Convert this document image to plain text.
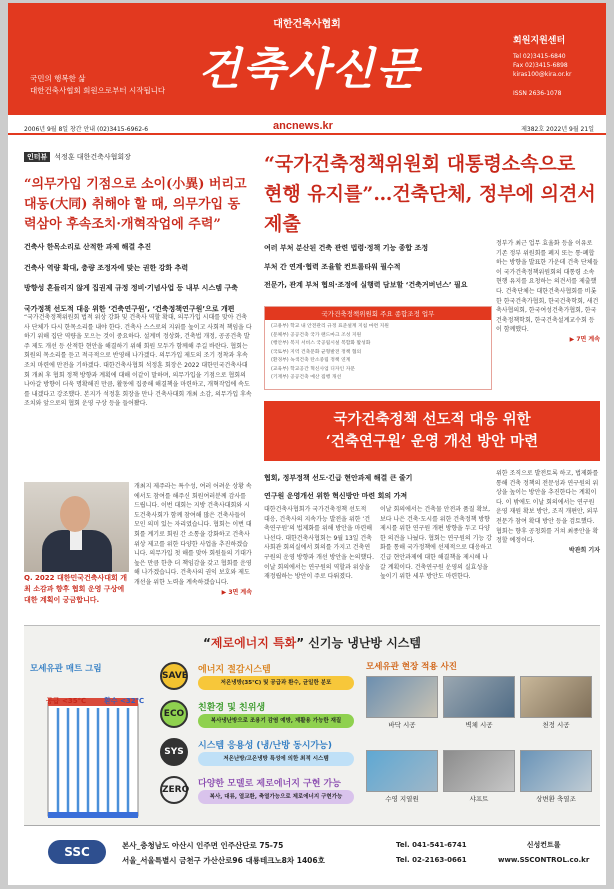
대한건축사협회
건축사신문
국민의 행복한 삶
대한건축사협회 회원으로부터 시작됩니다
회원지원센터
Tel 02)3415-6840
Fax 02)3415-6898
kiras100@kira.or.kr
ISSN 2636-1078
2006년 9월 8일 창간 안내 (02)3415-6962-6	ancnews.kr	제382호 2022년 9월 21일
인터뷰 석정훈 대한건축사협회장
“의무가입 기점으로 소이(小異) 버리고 대동(大同) 취해야 할 때, 의무가입 동력삼아 후속조치·개혁작업에 주력”
건축사 한목소리로 산적한 과제 해결 추진
건축사 역량 확대, 충량 조정자에 맞는 권한 강화 추력
방향성 흔들리지 않게 집권제 규정 정비·기념사업 등 내부 시스템 구축
국가정책 선도적 대응 위한 ‘건축연구원’, ‘건축정책연구원’으로 개편
“국가건축정책위원회 법적 위상 강화 및 건축사 역할 확대, 의무가입 시대를 맞아 건축사 단체가 다시 한목소리를 내야 한다. 건축사 스스로의 지위를 높이고 사회적 책임을 다하기 위해 집단 역량을 모으는 것이 중요하다. 설계비 정상화, 건축법 개정, 공공건축 발주 제도 개선 등 산적한 현안을 해결하기 위해 회원 모두가 함께해 주길 바란다. 협회는 회원의 목소리를 듣고 적극적으로 반영해 나가겠다. 의무가입 제도의 조기 정착과 후속조치 마련에 만전을 기하겠다. 대한건축사협회 석정훈 회장은 2022 대한민국건축사대회 개최 후 협회 정책 방향과 계획에 대해 이같이 말하며, 의무가입을 기점으로 협회의 나아갈 방향이 더욱 명확해진 만큼, 활동에 집중해 해결책을 마련하고, 개혁작업에 속도를 내겠다고 강조했다. 본지가 석정훈 회장을 만나 건축사대회 개최 소감, 의무가입 후속조치와 앞으로의 협회 운영 구상 등을 들어봤다.
Q. 2022 대한민국건축사대회 개최 소감과 향후 협회 운영 구상에 대한 계획이 궁금합니다.
개최지 제주라는 특수성, 여러 어려운 상황 속에서도 참여를 해주신 회원여러분께 감사를 드립니다. 이번 대회는 지방 건축사대회와 시도건축사회가 함께 참여해 많은 건축사들이 모인 의미 있는 자리였습니다. 협회는 이번 대회를 계기로 회원 간 소통을 강화하고 건축사 위상 제고를 위한 다양한 사업을 추진하겠습니다. 의무가입 첫 해를 맞아 회원들의 기대가 높은 만큼 한층 더 책임감을 갖고 협회를 운영해 나가겠습니다. 건축사의 권익 보호와 제도 개선을 위한 노력을 계속하겠습니다.
▶ 3면 계속
“국가건축정책위원회 대통령소속으로 현행 유지를”…건축단체, 정부에 의견서 제출
여러 부처 분산된 건축 관련 법령·정책 기능 종합 조정
부처 간 연계·협력 조율할 컨트롤타워 필수적
전문가, 관계 부처 협의·조정에 실행력 담보할 ‘건축거버넌스’ 필요
국가건축정책위원회 주요 종합조정 업무
(고용부) 학교 내 안전관리 규정 표준설계 지침 마련 지원
(문체부) 공공건축 국가 랜드마크 조성 지원
(행안부) 복지 서비스 국공립시설 복합화 활성화
(국토부) 지역 건축문화 균형발전 정책 협의
(환경부) 녹색건축 탄소중립 정책 연계
(교육부) 학교공간 혁신사업 디자인 자문
(기재부) 공공건축 예산 집행 개선
정부가 최근 업무 효율화 등을 이유로 기존 정부 위원회를 폐지 또는 통·폐합하는 방향을 발표한 가운데 건축 단체들이 국가건축정책위원회의 대통령 소속 현행 유지를 요청하는 의견서를 제출했다. 건축단체는 대한건축사협회를 비롯한 한국건축가협회, 한국건축학회, 새건축사협의회, 한국여성건축가협회, 한국건축정책학회, 한국건축설계교수회 등이 함께했다.
▶ 7면 계속
국가건축정책 선도적 대응 위한
‘건축연구원’ 운영 개선 방안 마련
협회, 정부정책 선도·긴급 현안과제 해결 큰 줄기
연구원 운영개선 위한 혁신방안 마련 회의 가져
대한건축사협회가 국가건축정책 선도적 대응, 건축사의 지속가능 발전을 위한 ‘건축연구원’의 법제화를 위해 방안을 마련해 나선다. 대한건축사협회는 9월 13일 건축사회관 회의실에서 회의를 가지고 건축연구원의 운영 방향과 개선 방안을 논의했다. 이날 회의에서는 연구원의 역할과 위상을 재정립하는 방안이 주로 다뤄졌다.
이날 회의에서는 건축물 안전과 품질 확보, 보다 나은 건축·도시를 위한 건축정책 방향 제시를 위한 연구원 개편 방향을 두고 다양한 의견을 나눴다. 협회는 연구원의 기능 강화를 통해 국가정책에 선제적으로 대응하고 긴급 현안과제에 대한 해결책을 제시해 나갈 계획이다. 건축연구원 운영의 실효성을 높이기 위한 세부 방안도 마련한다.
위한 조직으로 발전토록 하고, 법제화를 통해 건축 정책의 전문성과 연구원의 위상을 높이는 방안을 추진한다는 계획이다. 이 밖에도 이날 회의에서는 연구원 운영 재원 확보 방안, 조직 개편안, 외부 전문가 참여 확대 방안 등을 검토했다. 협회는 향후 공청회를 거쳐 최종안을 확정할 예정이다.
박관희 기자
“제로에너지 특화” 신기능 냉난방 시스템
모세유관 매트 그림
공급 <35℃	환수 <32℃
SAVE
에너지 절감시스템
저온냉방(35℃) 및 공급과 환수, 균일한 분포
ECO
친환경 및 친위생
복사냉난방으로 조용기 감염 예방, 제활용 가능한 재질
SYS
시스템 응용성 (냉/난방 동시가능)
저온난방/고온냉방 특성에 의한 최적 시스템
ZERO
다양한 모델로 제로에너지 구현 가능
복사, 대류, 열교환, 축열가능으로 제로에너지 구현가능
모세유관 현장 적용 사진
바닥 시공	벽체 시공	천정 시공
수영 지열원	샤프트	상변환 축열조
SSC	본사_충청남도 아산시 인주면 인주산단로 75-75
서울_서울특별시 금천구 가산산로96 대룡테크노8차 1406호
Tel. 041-541-6741
Tel. 02-2163-0661
신성컨트롤
www.SSCONTROL.co.kr
